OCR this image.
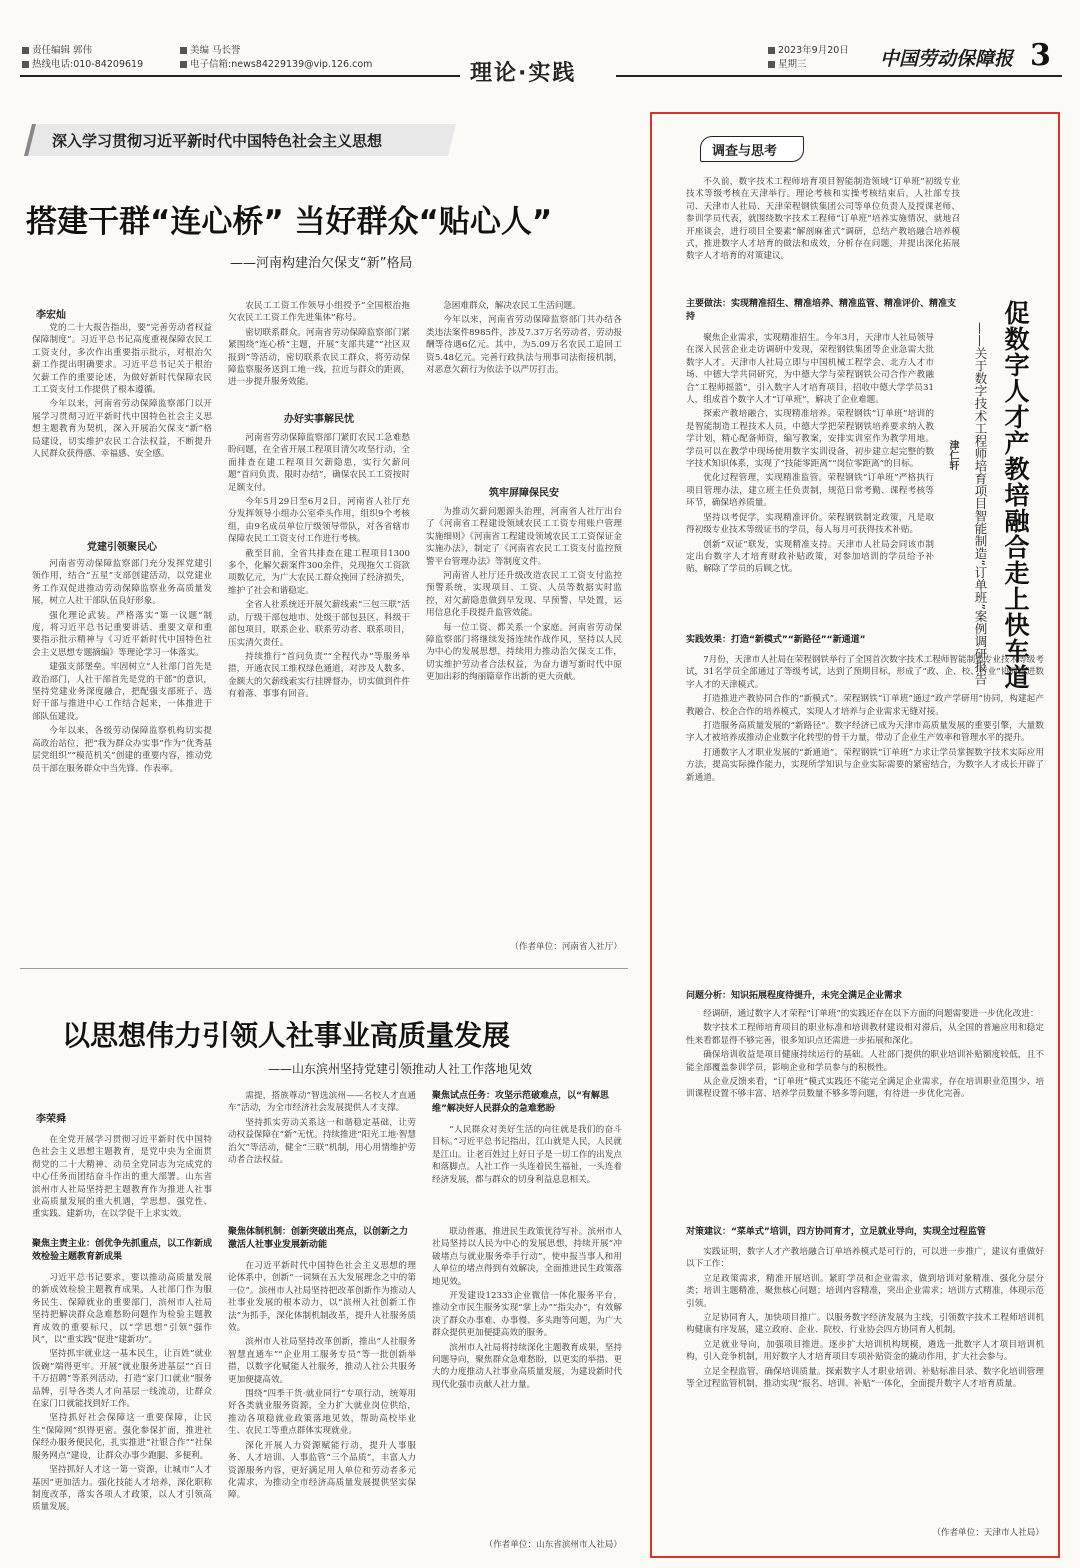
责任编辑 郭伟
热线电话:010-84209619
美编 马长誉
电子信箱:news84229139@vip.126.com	理论·实践
2023年9月20日
星期三	中国劳动保障报 3
深入学习贯彻习近平新时代中国特色社会主义思想
搭建干群“连心桥” 当好群众“贴心人”
——河南构建治欠保支“新”格局
李宏灿

党的二十大报告指出，要“完善劳动者权益保障制度”。习近平总书记高度重视保障农民工工资支付，多次作出重要指示批示，对根治欠薪工作提出明确要求。习近平总书记关于根治欠薪工作的重要论述，为做好新时代保障农民工工资支付工作提供了根本遵循。

今年以来，河南省劳动保障监察部门以开展学习贯彻习近平新时代中国特色社会主义思想主题教育为契机，深入开展治欠保支“新”格局建设，切实维护农民工合法权益，不断提升人民群众获得感、幸福感、安全感。

党建引领聚民心

河南省劳动保障监察部门充分发挥党建引领作用，结合“五星”支部创建活动，以党建业务工作双促进推动劳动保障监察业务高质量发展，树立人社干部队伍良好形象。

强化理论武装。严格落实“第一议题”制度，将习近平总书记重要讲话、重要文章和重要指示批示精神与《习近平新时代中国特色社会主义思想专题摘编》等理论学习一体落实。

建强支部堡垒。牢固树立“人社部门首先是政治部门，人社干部首先是党的干部”的意识，坚持党建业务深度融合，把配强支部班子、选好干部与推进中心工作结合起来，一体推进干部队伍建设。

今年以来，各级劳动保障监察机构切实提高政治站位，把“我为群众办实事”作为“优秀基层党组织”“模范机关”创建的重要内容，推动党员干部在服务群众中当先锋、作表率。

农民工工资工作领导小组授予“全国根治拖欠农民工工资工作先进集体”称号。

密切联系群众。河南省劳动保障监察部门紧紧围绕“连心桥”主题，开展“支部共建”“社区双报到”等活动，密切联系农民工群众，将劳动保障监察服务送到工地一线，拉近与群众的距离，进一步提升服务效能。

办好实事解民忧

河南省劳动保障监察部门紧盯农民工急难愁盼问题，在全省开展工程项目清欠攻坚行动，全面排查在建工程项目欠薪隐患，实行欠薪问题“首问负责、限时办结”，确保农民工工资按时足额支付。

今年5月29日至6月2日，河南省人社厅充分发挥领导小组办公室牵头作用，组织9个考核组，由9名成员单位厅级领导带队，对各省辖市保障农民工工资支付工作进行考核。

截至目前，全省共排查在建工程项目1300多个，化解欠薪案件300余件，兑现拖欠工资款项数亿元，为广大农民工群众挽回了经济损失，维护了社会和谐稳定。

全省人社系统还开展欠薪线索“三包三联”活动，厅级干部包地市、处级干部包县区、科级干部包项目，联系企业、联系劳动者、联系项目，压实清欠责任。

持续推行“首问负责”“全程代办”等服务举措，开通农民工维权绿色通道，对涉及人数多、金额大的欠薪线索实行挂牌督办，切实做到件件有着落、事事有回音。

急困难群众，解决农民工生活问题。

今年以来，河南省劳动保障监察部门共办结各类违法案件8985件，涉及7.37万名劳动者，劳动报酬等待遇6亿元。其中，为5.09万名农民工追回工资5.48亿元。完善行政执法与刑事司法衔接机制，对恶意欠薪行为依法予以严厉打击。

筑牢屏障保民安

为推动欠薪问题源头治理，河南省人社厅出台了《河南省工程建设领域农民工工资专用账户管理实施细则》《河南省工程建设领域农民工工资保证金实施办法》，制定了《河南省农民工工资支付监控预警平台管理办法》等制度文件。

河南省人社厅还升级改造农民工工资支付监控预警系统，实现项目、工资、人员等数据实时监控，对欠薪隐患做到早发现、早预警、早处置，运用信息化手段提升监管效能。

每一位工资、都关系一个家庭。河南省劳动保障监察部门将继续发扬连续作战作风，坚持以人民为中心的发展思想，持续用力推动治欠保支工作，切实维护劳动者合法权益，为奋力谱写新时代中原更加出彩的绚丽篇章作出新的更大贡献。

（作者单位：河南省人社厅）

以思想伟力引领人社事业高质量发展
——山东滨州坚持党建引领推动人社工作落地见效
李荣舜

在全党开展学习贯彻习近平新时代中国特色社会主义思想主题教育，是党中央为全面贯彻党的二十大精神、动员全党同志为完成党的中心任务而团结奋斗作出的重大部署。山东省滨州市人社局坚持把主题教育作为推进人社事业高质量发展的重大机遇，学思想、强党性、重实践、建新功，在以学促干上求实效。

聚焦主责主业：创优争先抓重点，以工作新成效检验主题教育新成果

习近平总书记要求，要以推动高质量发展的新成效检验主题教育成果。人社部门作为服务民生、保障就业的重要部门，滨州市人社局坚持把解决群众急难愁盼问题作为检验主题教育成效的重要标尺，以“学思想”引领“强作风”，以“重实践”促进“建新功”。

坚持抓牢就业这一基本民生，让百姓“就业饭碗”端得更牢。开展“就业服务进基层”“百日千万招聘”等系列活动，打造“家门口就业”服务品牌，引导各类人才向基层一线流动，让群众在家门口就能找到好工作。

坚持抓好社会保障这一重要保障，让民生“保障网”织得更密。强化参保扩面，推进社保经办服务便民化，扎实推进“社银合作”“社保服务网点”建设，让群众办事少跑腿、多便利。

坚持抓好人才这一第一资源，让城市“人才基因”更加活力。强化技能人才培养，深化职称制度改革，落实各项人才政策，以人才引领高质量发展。

需提，搭族尊动“智选滨州——名校人才直通车”活动，为全市经济社会发展提供人才支撑。

坚持抓实劳动关系这一和谐稳定基础，让劳动权益保障在“新”无忧。持续推进“阳光工地·智慧治欠”等活动，健全“三联”机制，用心用情维护劳动者合法权益。

聚焦体制机制：创新突破出亮点，以创新之力激活人社事业发展新动能

在习近平新时代中国特色社会主义思想的理论体系中，创新“一词频在五大发展理念之中的第一位”。滨州市人社局坚持把改革创新作为推动人社事业发展的根本动力，以“滨州人社创新工作法”为抓手，深化体制机制改革，提升人社服务质效。

滨州市人社局坚持改革创新，推出“人社服务智慧直通车”“企业用工服务专员”等一批创新举措，以数字化赋能人社服务，推动人社公共服务更加便捷高效。

围绕“四季干货·就业同行”专项行动，统筹用好各类就业服务资源，全力扩大就业岗位供给，推动各项稳就业政策落地见效，帮助高校毕业生、农民工等重点群体实现就业。

深化开展人力资源赋能行动，提升人事服务、人才培训、人事监管“三个品质”，丰富人力资源服务内容，更好满足用人单位和劳动者多元化需求，为推动全市经济高质量发展提供坚实保障。

聚焦试点任务：攻坚示范破难点，以“有解思维”解决好人民群众的急难愁盼

“人民群众对美好生活的向往就是我们的奋斗目标。”习近平总书记指出，江山就是人民，人民就是江山。让老百姓过上好日子是一切工作的出发点和落脚点。人社工作一头连着民生福祉，一头连着经济发展，都与群众的切身利益息息相关。

联动普惠，推进民生政策优待写补。滨州市人社局坚持以人民为中心的发展思想，持续开展“冲破堵点与就业服务牵手行动”，使申报当事人和用人单位的堵点得到有效解决，全面推进民生政策落地见效。

开发建设12333企业微信一体化服务平台，推动全市民生服务实现“掌上办”“指尖办”，有效解决了群众办事难、办事慢、多头跑等问题，为广大群众提供更加便捷高效的服务。

滨州市人社局将持续深化主题教育成果，坚持问题导向，聚焦群众急难愁盼，以更实的举措、更大的力度推动人社事业高质量发展，为建设新时代现代化强市贡献人社力量。

（作者单位：山东省滨州市人社局）

调查与思考
促数字人才产教培融合走上快车道
——关于数字技术工程师培育项目智能制造“订单班”案例调研报告
津仁轩

不久前，数字技术工程师培育项目智能制造领域“订单班”初级专业技术等级考核在天津举行。理论考核和实操考核结束后，人社部专技司、天津市人社局、天津荣程钢铁集团公司等单位负责人及授课老师、参训学员代表，就围绕数字技术工程师“订单班”培养实施情况，就地召开座谈会，进行项目全要素“解剖麻雀式”调研，总结产教培融合培养模式，推进数字人才培育的做法和成效，分析存在问题，并提出深化拓展数字人才培育的对策建议。

主要做法：实现精准招生、精准培养、精准监管、精准评价、精准支持

聚焦企业需求，实现精准招生。今年3月，天津市人社局领导在深入民营企业走访调研中发现，荣程钢铁集团等企业急需大批数字人才。天津市人社局立即与中国机械工程学会、北方人才市场、中德大学共同研究，为中德大学与荣程钢铁公司合作产教融合“工程师摇篮”，引入数字人才培育项目，招收中德大学学员31人，组成首个数字人才“订单班”，解决了企业难题。

探索产教培融合，实现精准培养。荣程钢铁“订单班”培训的是智能制造工程技术人员，中德大学把荣程钢铁培养要求纳入教学计划，精心配备师资，编写教案，安排实训室作为教学用地。学员可以在教学中现场使用数字实训设备，初步建立起完整的数字技术知识体系，实现了“技能零距离”“岗位零距离”的目标。

优化过程管理，实现精准监管。荣程钢铁“订单班”严格执行项目管理办法，建立班主任负责制，规范日常考勤、课程考核等环节，确保培养质量。

坚持以考促学，实现精准评价。荣程钢铁制定政策，凡是取得初级专业技术等级证书的学员，每人每月可获得技术补贴。

创新“双证”联发，实现精准支持。天津市人社局会同该市制定出台数字人才培育财政补贴政策，对参加培训的学员给予补贴，解除了学员的后顾之忧。

实践效果：打造“新模式”“新路径”“新通道”

7月份，天津市人社局在荣程钢铁举行了全国首次数字技术工程师智能制造专业技术等级考试，31名学员全部通过了等级考试，达到了预期目标，形成了“政、企、校、行业”协同推进数字人才的天津模式。

打造推进产教协同合作的“新模式”。荣程钢铁“订单班”通过“政产学研用”协同，构建起产教融合、校企合作的培养模式，实现人才培养与企业需求无缝对接。

打造服务高质量发展的“新路径”。数字经济已成为天津市高质量发展的重要引擎，大量数字人才被培养成推动企业数字化转型的骨干力量，带动了企业生产效率和管理水平的提升。

打通数字人才职业发展的“新通道”。荣程钢铁“订单班”力求让学员掌握数字技术实际应用方法，提高实际操作能力，实现所学知识与企业实际需要的紧密结合，为数字人才成长开辟了新通道。

问题分析：知识拓展程度待提升，未完全满足企业需求

经调研，通过数字人才荣程“订单班”的实践还存在以下方面的问题需要进一步优化改进：

数字技术工程师培育项目的职业标准和培训教材建设相对滞后，从全国的普遍应用和稳定性来看都显得不够完善，很多知识点还需进一步拓展和深化。

确保培训收益是项目健康持续运行的基础。人社部门提供的职业培训补贴额度较低，且不能全部覆盖参训学员，影响企业和学员参与的积极性。

从企业反馈来看，“订单班”模式实践还不能完全满足企业需求，存在培训职业范围少、培训课程设置不够丰富、培养学员数量不够多等问题，有待进一步优化完善。

对策建议：“菜单式”培训，四方协同育才，立足就业导向，实现全过程监管

实践证明，数字人才产教培融合订单培养模式是可行的，可以进一步推广，建议有重做好以下工作：

立足政策需求，精准开展培训。紧盯学员和企业需求，做到培训对象精准、强化分层分类；培训主题精准，聚焦核心问题；培训内容精准，突出企业需求；培训方式精准，体现示范引领。

立足协同育人，加快项目推广。以服务数字经济发展为主线，引领数字技术工程师培训机构健康有序发展，建立政府、企业、院校、行业协会四方协同育人机制。

立足就业导向，加强项目推进。逐步扩大培训机构规模，遴选一批数字人才项目培训机构，引入竞争机制，用好数字人才培育项目专项补贴资金的撬动作用，扩大社会参与。

立足全程监管，确保培训质量。探索数字人才职业培训、补贴标准目录、数字化培训管理等全过程监管机制，推动实现“报名、培训、补贴”一体化，全面提升数字人才培育质量。

（作者单位：天津市人社局）
